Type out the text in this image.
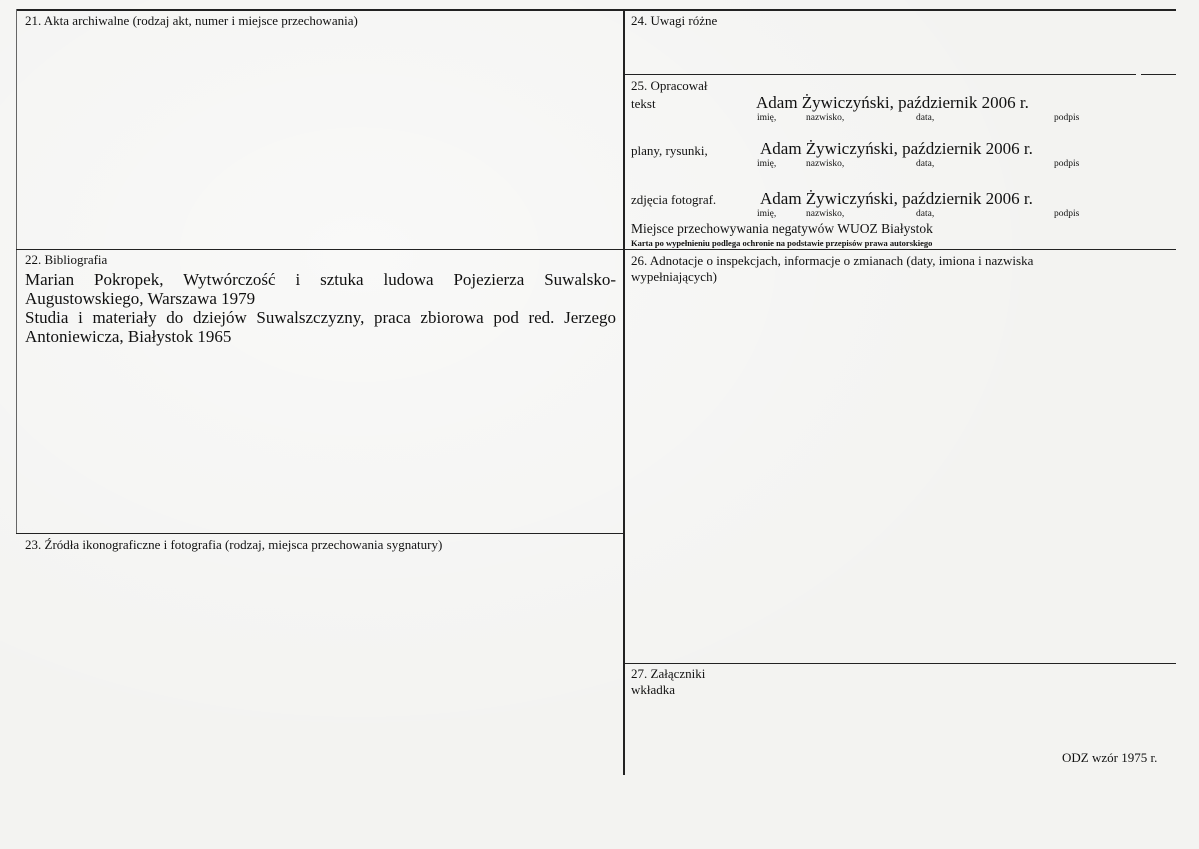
21. Akta archiwalne (rodzaj akt, numer i miejsce przechowania)	24. Uwagi różne
25. Opracował
tekst	Adam Żywiczyński, październik 2006 r.
imię,	nazwisko,	data,	podpis
plany, rysunki,	Adam Żywiczyński, październik 2006 r.
imię,	nazwisko,	data,	podpis
zdjęcia fotograf.	Adam Żywiczyński, październik 2006 r.
imię,	nazwisko,	data,	podpis
Miejsce przechowywania negatywów WUOZ Białystok
Karta po wypełnieniu podlega ochronie na podstawie przepisów prawa autorskiego
22. Bibliografia
Marian Pokropek, Wytwórczość i sztuka ludowa Pojezierza Suwalsko-
Augustowskiego, Warszawa 1979
Studia i materiały do dziejów Suwalszczyzny, praca zbiorowa pod red. Jerzego
Antoniewicza, Białystok 1965
26. Adnotacje o inspekcjach, informacje o zmianach (daty, imiona i nazwiska
wypełniających)
23. Źródła ikonograficzne i fotografia (rodzaj, miejsca przechowania sygnatury)
27. Załączniki
wkładka
ODZ wzór 1975 r.
